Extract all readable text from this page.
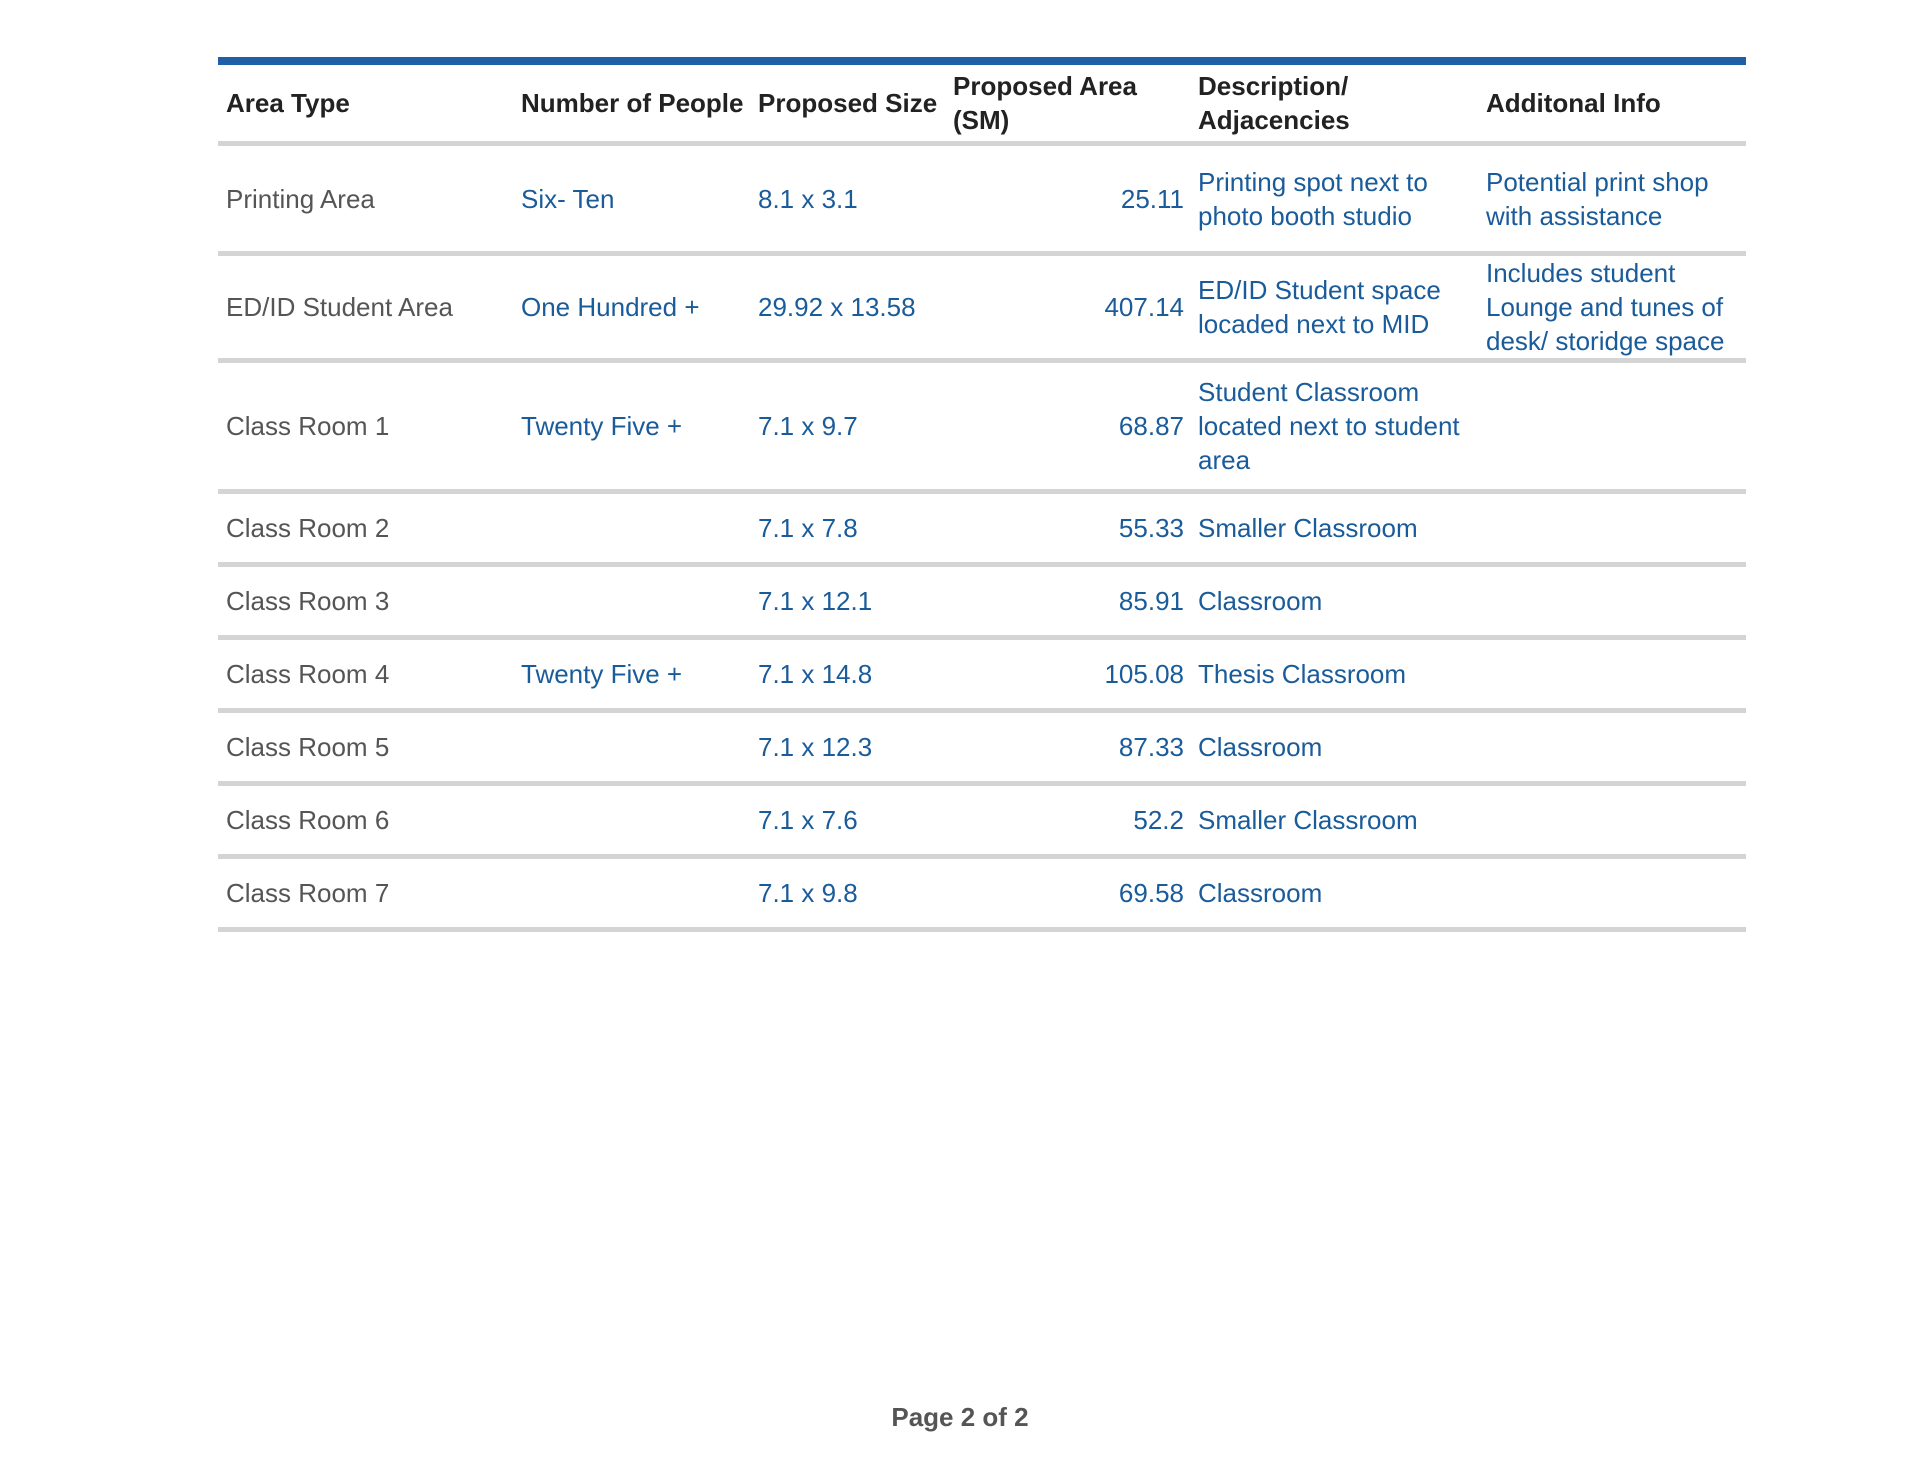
Area Type	Number of People	Proposed Size	Proposed Area (SM)	Description/ Adjacencies	Additonal Info
Printing Area	Six- Ten	8.1 x 3.1	25.11	Printing spot next to photo booth studio	Potential print shop with assistance
ED/ID Student Area	One Hundred +	29.92 x 13.58	407.14	ED/ID Student space locaded next to MID	Includes student Lounge and tunes of desk/ storidge space
Class Room 1	Twenty Five +	7.1 x 9.7	68.87	Student Classroom located next to student area	
Class Room 2		7.1 x 7.8	55.33	Smaller Classroom	
Class Room 3		7.1 x 12.1	85.91	Classroom	
Class Room 4	Twenty Five +	7.1 x 14.8	105.08	Thesis Classroom	
Class Room 5		7.1 x 12.3	87.33	Classroom	
Class Room 6		7.1 x 7.6	52.2	Smaller Classroom	
Class Room 7		7.1 x 9.8	69.58	Classroom	
Page 2 of 2
